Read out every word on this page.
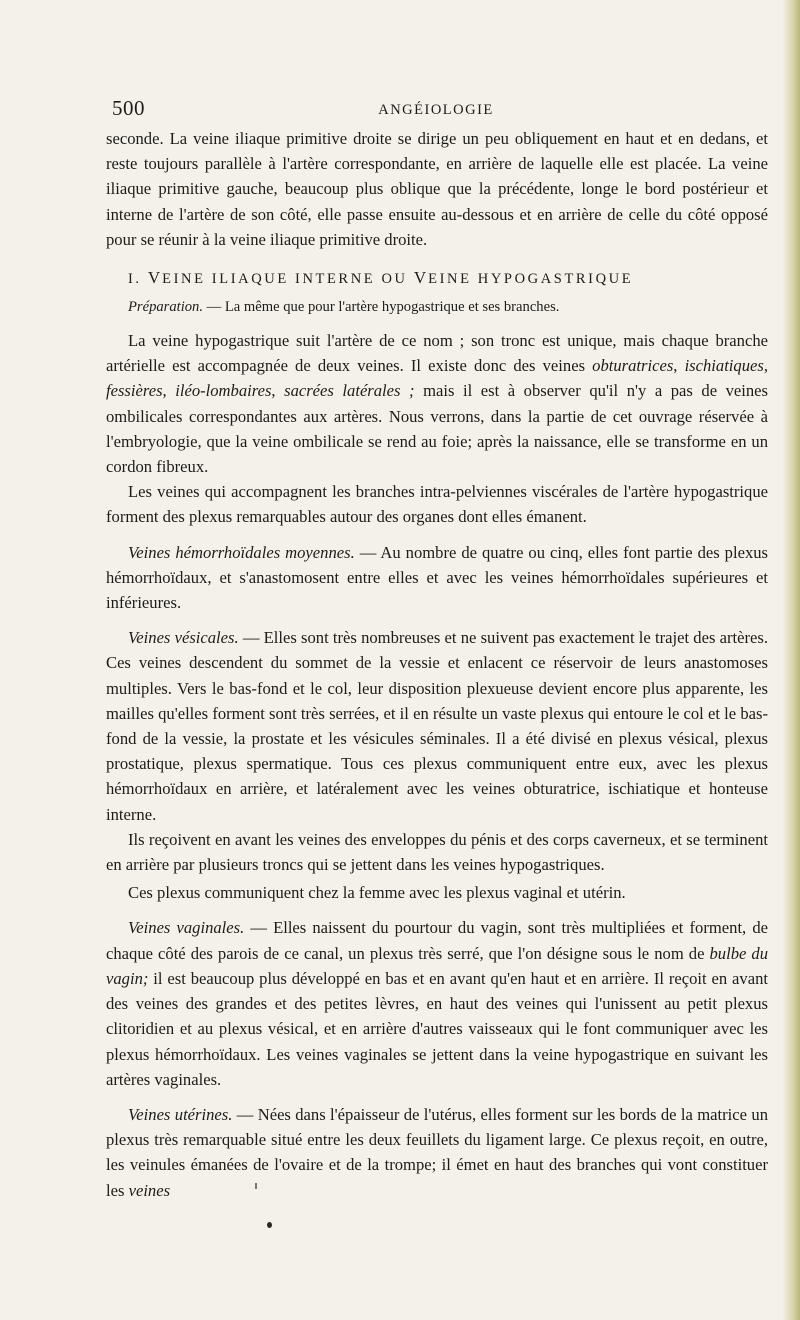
500	ANGÉIOLOGIE

seconde. La veine iliaque primitive droite se dirige un peu obliquement en haut et en dedans, et reste toujours parallèle à l'artère correspondante, en arrière de laquelle elle est placée. La veine iliaque primitive gauche, beaucoup plus oblique que la précédente, longe le bord postérieur et interne de l'artère de son côté, elle passe ensuite au-dessous et en arrière de celle du côté opposé pour se réunir à la veine iliaque primitive droite.

I. VEINE ILIAQUE INTERNE OU VEINE HYPOGASTRIQUE

Préparation. — La même que pour l'artère hypogastrique et ses branches.

La veine hypogastrique suit l'artère de ce nom ; son tronc est unique, mais chaque branche artérielle est accompagnée de deux veines. Il existe donc des veines obturatrices, ischiatiques, fessières, iléo-lombaires, sacrées latérales ; mais il est à observer qu'il n'y a pas de veines ombilicales correspondantes aux artères. Nous verrons, dans la partie de cet ouvrage réservée à l'embryologie, que la veine ombilicale se rend au foie; après la naissance, elle se transforme en un cordon fibreux.

Les veines qui accompagnent les branches intra-pelviennes viscérales de l'artère hypogastrique forment des plexus remarquables autour des organes dont elles émanent.

Veines hémorrhoïdales moyennes. — Au nombre de quatre ou cinq, elles font partie des plexus hémorrhoïdaux, et s'anastomosent entre elles et avec les veines hémorrhoïdales supérieures et inférieures.

Veines vésicales. — Elles sont très nombreuses et ne suivent pas exactement le trajet des artères. Ces veines descendent du sommet de la vessie et enlacent ce réservoir de leurs anastomoses multiples. Vers le bas-fond et le col, leur disposition plexueuse devient encore plus apparente, les mailles qu'elles forment sont très serrées, et il en résulte un vaste plexus qui entoure le col et le bas-fond de la vessie, la prostate et les vésicules séminales. Il a été divisé en plexus vésical, plexus prostatique, plexus spermatique. Tous ces plexus communiquent entre eux, avec les plexus hémorrhoïdaux en arrière, et latéralement avec les veines obturatrice, ischiatique et honteuse interne.

Ils reçoivent en avant les veines des enveloppes du pénis et des corps caverneux, et se terminent en arrière par plusieurs troncs qui se jettent dans les veines hypogastriques.

Ces plexus communiquent chez la femme avec les plexus vaginal et utérin.

Veines vaginales. — Elles naissent du pourtour du vagin, sont très multipliées et forment, de chaque côté des parois de ce canal, un plexus très serré, que l'on désigne sous le nom de bulbe du vagin; il est beaucoup plus développé en bas et en avant qu'en haut et en arrière. Il reçoit en avant des veines des grandes et des petites lèvres, en haut des veines qui l'unissent au petit plexus clitoridien et au plexus vésical, et en arrière d'autres vaisseaux qui le font communiquer avec les plexus hémorrhoïdaux. Les veines vaginales se jettent dans la veine hypogastrique en suivant les artères vaginales.

Veines utérines. — Nées dans l'épaisseur de l'utérus, elles forment sur les bords de la matrice un plexus très remarquable situé entre les deux feuillets du ligament large. Ce plexus reçoit, en outre, les veinules émanées de l'ovaire et de la trompe; il émet en haut des branches qui vont constituer les veines
